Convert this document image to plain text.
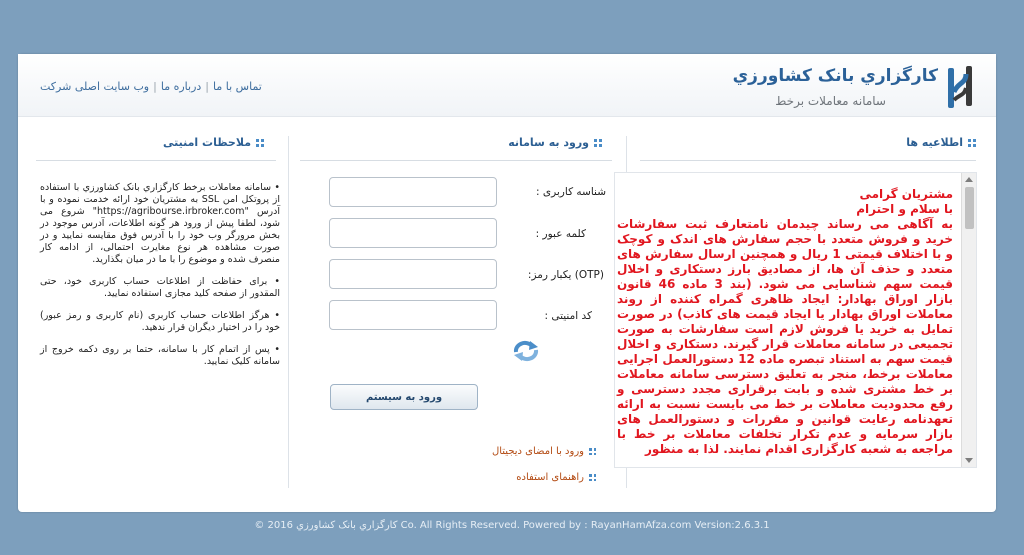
کارگزاري بانک کشاورزي
سامانه معاملات برخط
تماس با ما|درباره ما|وب سایت اصلی شرکت
اطلاعیه ها
ورود به سامانه
ملاحظات امنیتی

• سامانه معاملات برخط کارگزاري بانک کشاورزي با استفاده از پروتکل امن SSL به مشتریان خود ارائه خدمت نموده و با آدرس "https://agribourse.irbroker.com" شروع می شود، لطفا پیش از ورود هر گونه اطلاعات، آدرس موجود در بخش مرورگر وب خود را با آدرس فوق مقایسه نمایید و در صورت مشاهده هر نوع مغایرت احتمالی، از ادامه کار منصرف شده و موضوع را با ما در میان بگذارید.

• برای حفاظت از اطلاعات حساب کاربری خود، حتی المقدور از صفحه کلید مجازی استفاده نمایید.

• هرگز اطلاعات حساب کاربری (نام کاربری و رمز عبور) خود را در اختیار دیگران قرار ندهید.

• پس از اتمام کار با سامانه، حتما بر روی دکمه خروج از سامانه کلیک نمایید.

شناسه کاربری :
کلمه عبور :
(OTP) یکبار رمز:
کد امنیتی :
ورود به سیستم
ورود با امضای دیجیتال
راهنمای استفاده
مشتریان گرامی
با سلام و احترام
به آگاهی می رساند چیدمان نامتعارف ثبت سفارشات خرید و فروش متعدد با حجم سفارش های اندک و کوچک و با اختلاف قیمتی 1 ریال و همچنین ارسال سفارش های متعدد و حذف آن ها، از مصادیق بارز دستکاری و اخلال قیمت سهم شناسایی می شود. (بند 3 ماده 46 قانون بازار اوراق بهادار: ایجاد ظاهری گمراه کننده از روند معاملات اوراق بهادار یا ایجاد قیمت های کاذب) در صورت تمایل به خرید یا فروش لازم است سفارشات به صورت تجمیعی در سامانه معاملات قرار گیرند. دستکاری و اخلال قیمت سهم به استناد تبصره ماده 12 دستورالعمل اجرایی معاملات برخط، منجر به تعلیق دسترسی سامانه معاملات بر خط مشتری شده و بابت برقراری مجدد دسترسی و رفع محدودیت معاملات بر خط می بایست نسبت به ارائه تعهدنامه رعایت قوانین و مقررات و دستورالعمل های بازار سرمایه و عدم تکرار تخلفات معاملات بر خط با مراجعه به شعبه کارگزاری اقدام نمایند. لذا به منظور
© 2016 کارگزاري بانک کشاورزي Co. All Rights Reserved. Powered by : RayanHamAfza.com Version:2.6.3.1
